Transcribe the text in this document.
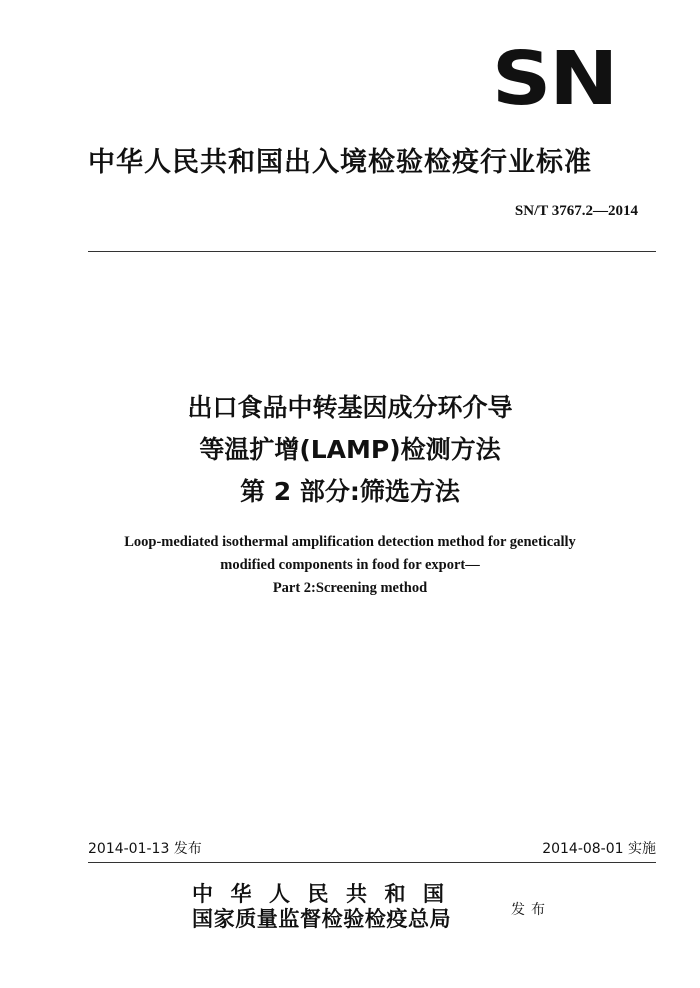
SN
中华人民共和国出入境检验检疫行业标准
SN/T 3767.2—2014
出口食品中转基因成分环介导
等温扩增(LAMP)检测方法
第 2 部分:筛选方法
Loop-mediated isothermal amplification detection method for genetically
modified components in food for export—
Part 2:Screening method
2014-01-13 发布	2014-08-01 实施
中华人民共和国
国家质量监督检验检疫总局	发布
